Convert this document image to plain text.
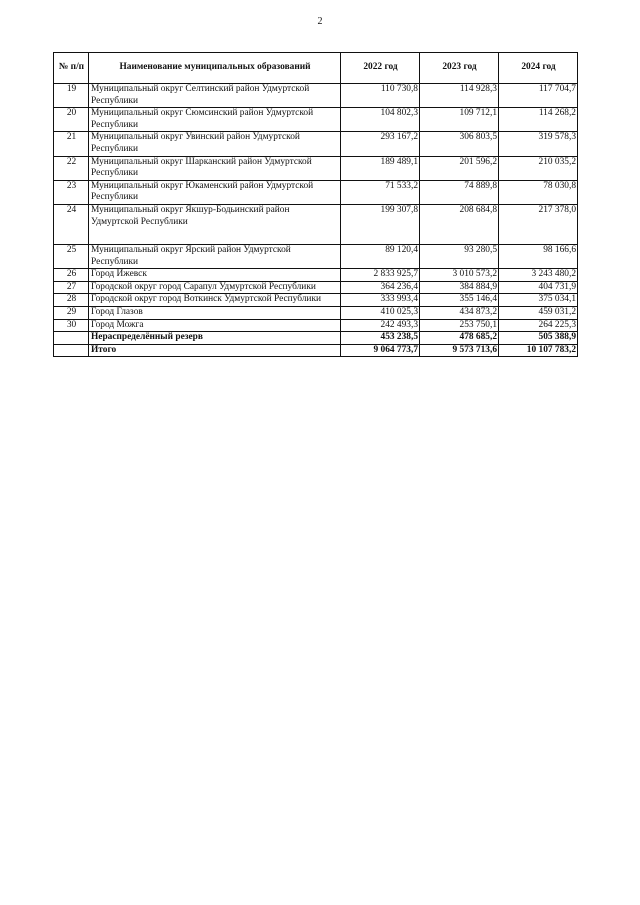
2
№ п/п	Наименование муниципальных образований	2022 год	2023 год	2024 год
19	Муниципальный округ Селтинский район Удмуртской Республики	110 730,8	114 928,3	117 704,7
20	Муниципальный округ Сюмсинский район Удмуртской Республики	104 802,3	109 712,1	114 268,2
21	Муниципальный округ Увинский район Удмуртской Республики	293 167,2	306 803,5	319 578,3
22	Муниципальный округ Шарканский район Удмуртской Республики	189 489,1	201 596,2	210 035,2
23	Муниципальный округ Юкаменский район Удмуртской Республики	71 533,2	74 889,8	78 030,8
24	Муниципальный округ Якшур-Бодьинский район Удмуртской Республики	199 307,8	208 684,8	217 378,0
25	Муниципальный округ Ярский район Удмуртской Республики	89 120,4	93 280,5	98 166,6
26	Город Ижевск	2 833 925,7	3 010 573,2	3 243 480,2
27	Городской округ город Сарапул Удмуртской Республики	364 236,4	384 884,9	404 731,9
28	Городской округ город Воткинск Удмуртской Республики	333 993,4	355 146,4	375 034,1
29	Город Глазов	410 025,3	434 873,2	459 031,2
30	Город Можга	242 493,3	253 750,1	264 225,3
	Нераспределённый резерв	453 238,5	478 685,2	505 388,9
	Итого	9 064 773,7	9 573 713,6	10 107 783,2
